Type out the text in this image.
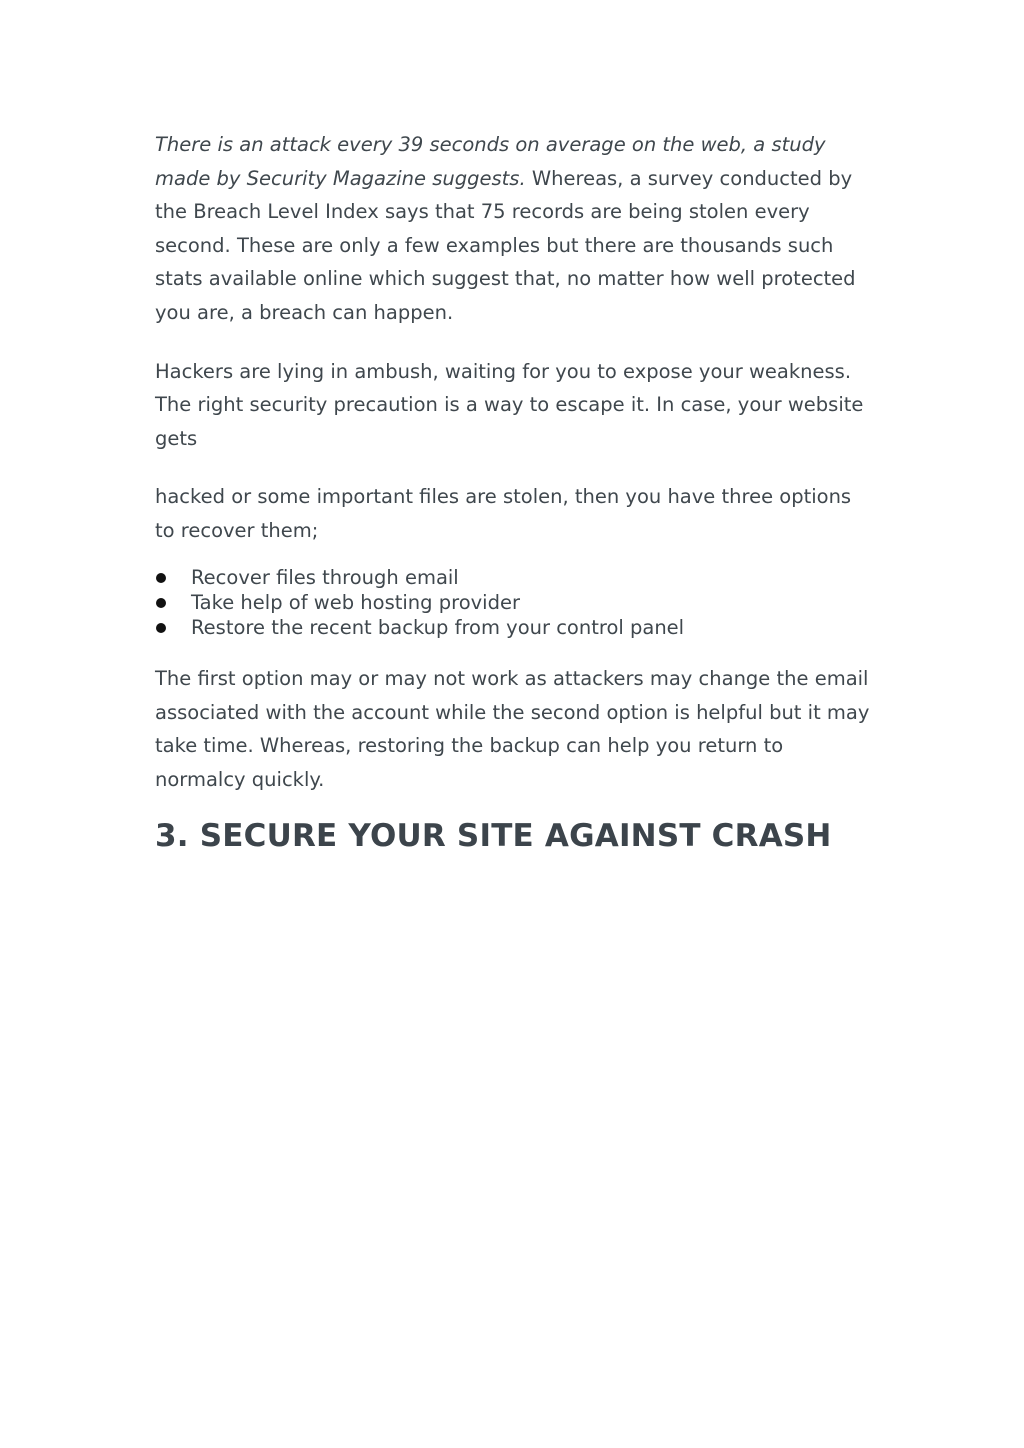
There is an attack every 39 seconds on average on the web, a study made by Security Magazine suggests. Whereas, a survey conducted by the Breach Level Index says that 75 records are being stolen every second. These are only a few examples but there are thousands such stats available online which suggest that, no matter how well protected you are, a breach can happen.

Hackers are lying in ambush, waiting for you to expose your weakness. The right security precaution is a way to escape it. In case, your website gets

hacked or some important files are stolen, then you have three options to recover them;

Recover files through email
Take help of web hosting provider
Restore the recent backup from your control panel

The first option may or may not work as attackers may change the email associated with the account while the second option is helpful but it may take time. Whereas, restoring the backup can help you return to normalcy quickly.

3. SECURE YOUR SITE AGAINST CRASH
